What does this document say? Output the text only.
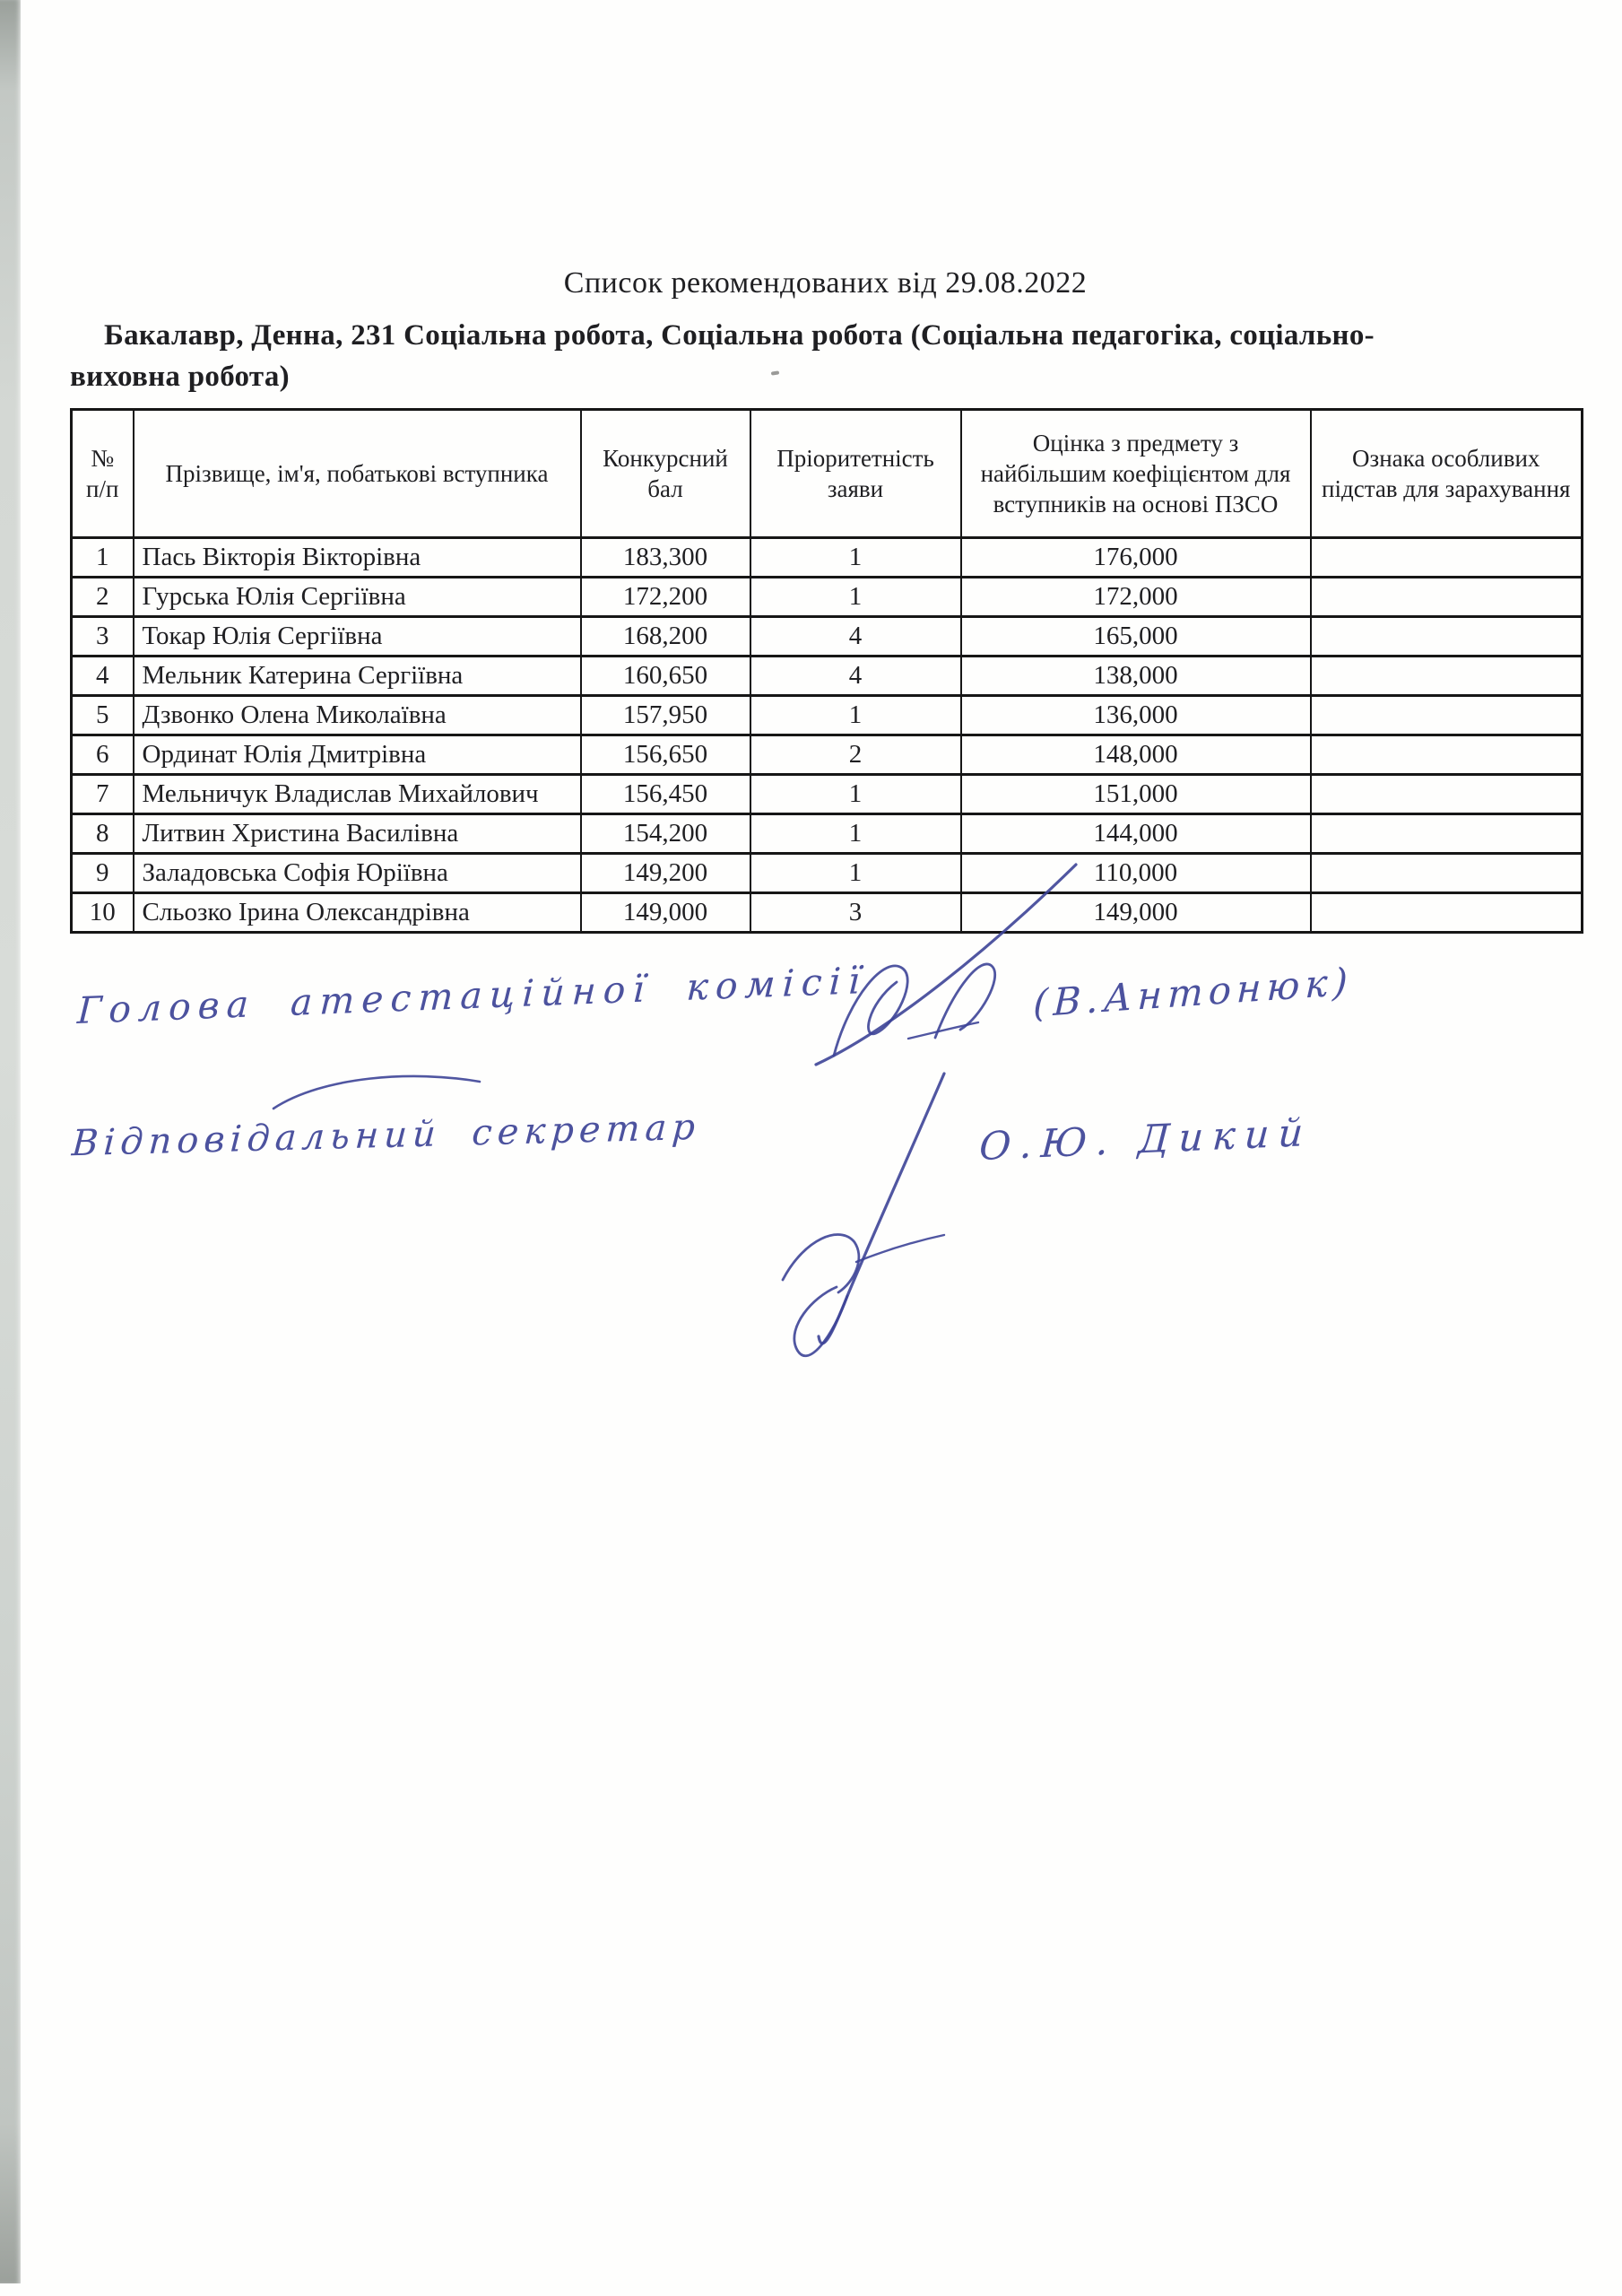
Список рекомендованих від 29.08.2022
Бакалавр, Денна, 231 Соціальна робота, Соціальна робота (Соціальна педагогіка, соціально-
виховна робота)
№ п/п	Прізвище, ім'я, побатькові вступника	Конкурсний бал	Пріоритетність заяви	Оцінка з предмету з найбільшим коефіцієнтом для вступників на основі ПЗСО	Ознака особливих підстав для зарахування
1	Пась Вікторія Вікторівна	183,300	1	176,000	
2	Гурська Юлія Сергіївна	172,200	1	172,000	
3	Токар Юлія Сергіївна	168,200	4	165,000	
4	Мельник Катерина Сергіївна	160,650	4	138,000	
5	Дзвонко Олена Миколаївна	157,950	1	136,000	
6	Ординат Юлія Дмитрівна	156,650	2	148,000	
7	Мельничук Владислав Михайлович	156,450	1	151,000	
8	Литвин Христина Василівна	154,200	1	144,000	
9	Заладовська Софія Юріївна	149,200	1	110,000	
10	Сльозко Ірина Олександрівна	149,000	3	149,000	
Голова атестаційної комісії	(В.Антонюк)
Відповідальний секретар	О.Ю. Дикий
